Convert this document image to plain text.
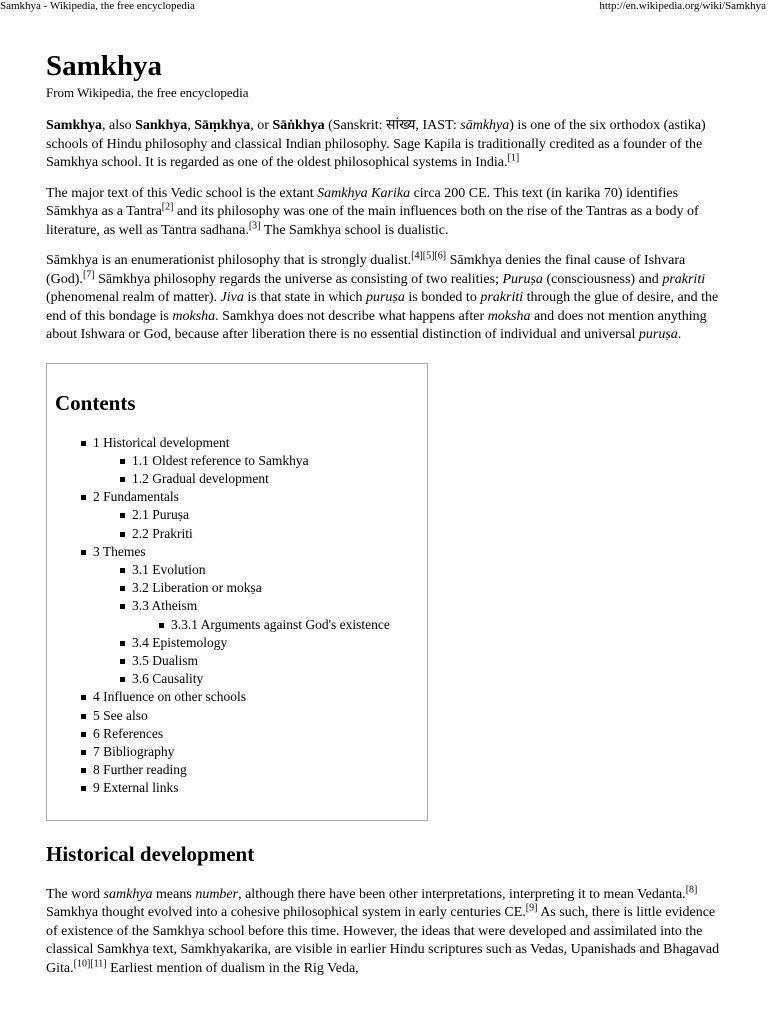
Samkhya - Wikipedia, the free encyclopedia	http://en.wikipedia.org/wiki/Samkhya
Samkhya
From Wikipedia, the free encyclopedia

Samkhya, also Sankhya, Sāṃkhya, or Sāṅkhya (Sanskrit: सांख्य, IAST: sāmkhya) is one of the six orthodox (astika) schools of Hindu philosophy and classical Indian philosophy. Sage Kapila is traditionally credited as a founder of the Samkhya school. It is regarded as one of the oldest philosophical systems in India.[1]

The major text of this Vedic school is the extant Samkhya Karika circa 200 CE. This text (in karika 70) identifies Sāmkhya as a Tantra[2] and its philosophy was one of the main influences both on the rise of the Tantras as a body of literature, as well as Tantra sadhana.[3] The Samkhya school is dualistic.

Sāmkhya is an enumerationist philosophy that is strongly dualist.[4][5][6] Sāmkhya denies the final cause of Ishvara (God).[7] Sāmkhya philosophy regards the universe as consisting of two realities; Puruṣa (consciousness) and prakriti (phenomenal realm of matter). Jiva is that state in which puruṣa is bonded to prakriti through the glue of desire, and the end of this bondage is moksha. Samkhya does not describe what happens after moksha and does not mention anything about Ishwara or God, because after liberation there is no essential distinction of individual and universal puruṣa.

Contents
1 Historical development
1.1 Oldest reference to Samkhya
1.2 Gradual development
2 Fundamentals
2.1 Puruṣa
2.2 Prakriti
3 Themes
3.1 Evolution
3.2 Liberation or mokṣa
3.3 Atheism
3.3.1 Arguments against God's existence
3.4 Epistemology
3.5 Dualism
3.6 Causality
4 Influence on other schools
5 See also
6 References
7 Bibliography
8 Further reading
9 External links
Historical development

The word samkhya means number, although there have been other interpretations, interpreting it to mean Vedanta.[8] Samkhya thought evolved into a cohesive philosophical system in early centuries CE.[9] As such, there is little evidence of existence of the Samkhya school before this time. However, the ideas that were developed and assimilated into the classical Samkhya text, Samkhyakarika, are visible in earlier Hindu scriptures such as Vedas, Upanishads and Bhagavad Gita.[10][11] Earliest mention of dualism in the Rig Veda,
